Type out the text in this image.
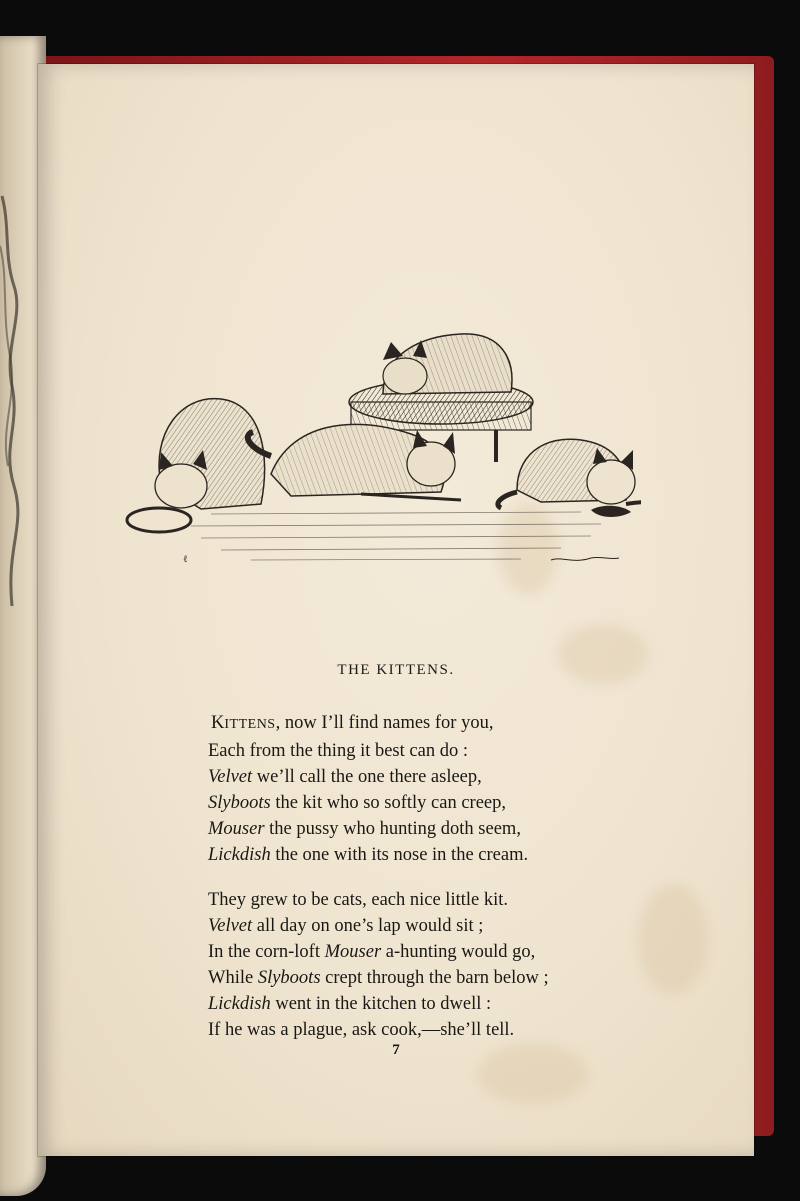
ℓ
THE KITTENS.
KITTENS, now I’ll find names for you,
Each from the thing it best can do :
Velvet we’ll call the one there asleep,
Slyboots the kit who so softly can creep,
Mouser the pussy who hunting doth seem,
Lickdish the one with its nose in the cream.
They grew to be cats, each nice little kit.
Velvet all day on one’s lap would sit ;
In the corn-loft Mouser a-hunting would go,
While Slyboots crept through the barn below ;
Lickdish went in the kitchen to dwell :
If he was a plague, ask cook,—she’ll tell.
7
